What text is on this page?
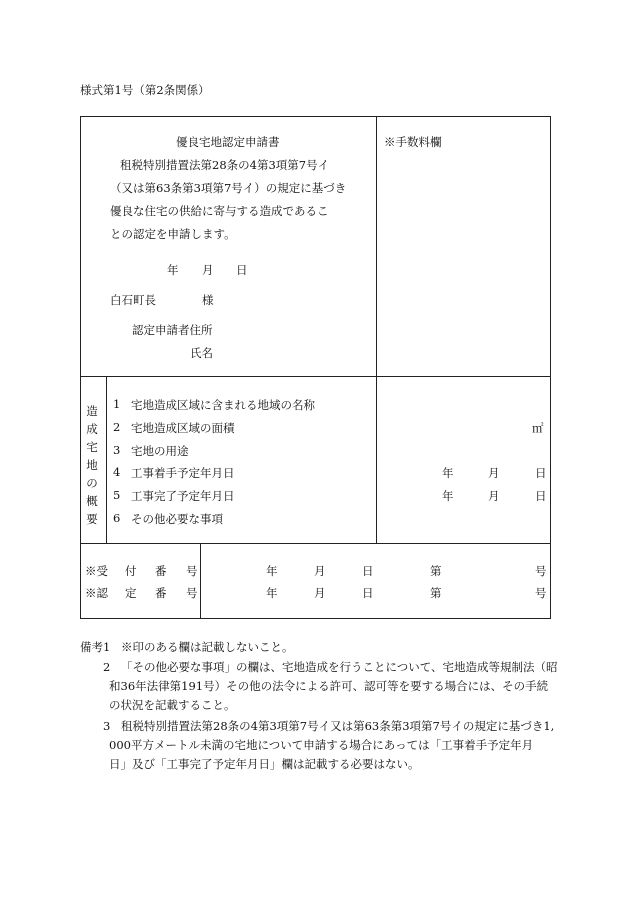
様式第1号（第2条関係）
優良宅地認定申請書
租税特別措置法第28条の4第3項第7号イ
（又は第63条第3項第7号イ）の規定に基づき
優良な住宅の供給に寄与する造成であるこ
との認定を申請します。
年 月 日
白石町長	様
認定申請者住所
氏名
※手数料欄
造
成
宅
地
の
概
要
1 宅地造成区域に含まれる地域の名称
2 宅地造成区域の面積	㎡
3 宅地の用途
4 工事着手予定年月日	年	月	日
5 工事完了予定年月日	年	月	日
6 その他必要な事項
※受 付 番 号	年	月	日	第	号
※認 定 番 号	年	月	日	第	号
備考1 ※印のある欄は記載しないこと。
2 「その他必要な事項」の欄は、宅地造成を行うことについて、宅地造成等規制法（昭
和36年法律第191号）その他の法令による許可、認可等を要する場合には、その手続
の状況を記載すること。
3 租税特別措置法第28条の4第3項第7号イ又は第63条第3項第7号イの規定に基づき1,
000平方メートル未満の宅地について申請する場合にあっては「工事着手予定年月
日」及び「工事完了予定年月日」欄は記載する必要はない。
